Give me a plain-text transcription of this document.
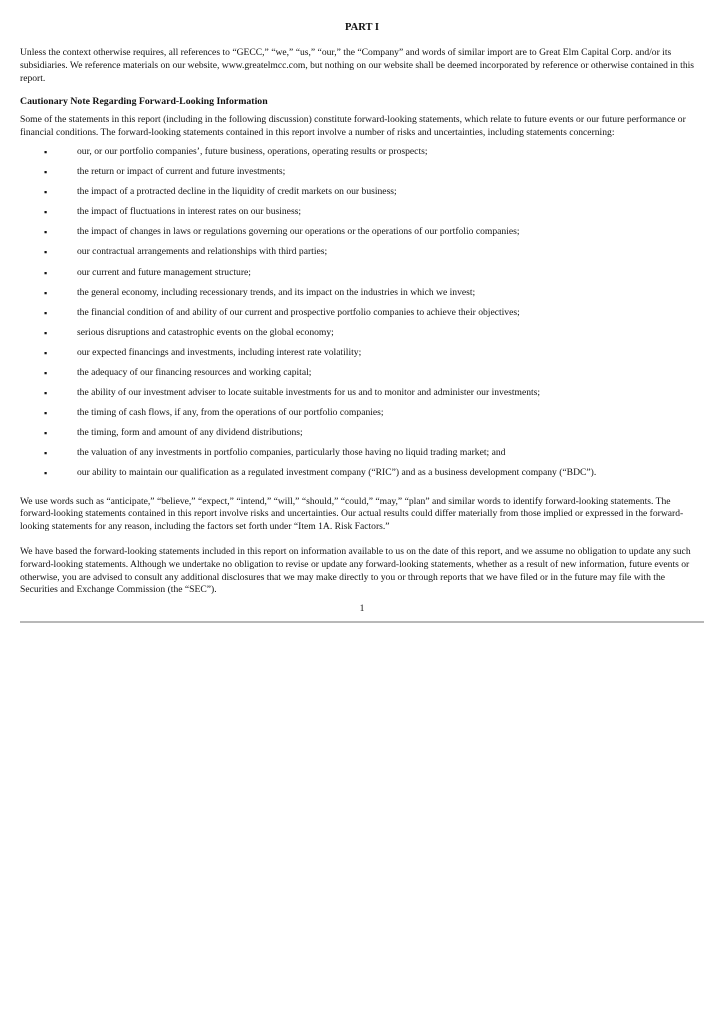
PART I

Unless the context otherwise requires, all references to “GECC,” “we,” “us,” “our,” the “Company” and words of similar import are to Great Elm Capital Corp. and/or its subsidiaries. We reference materials on our website, www.greatelmcc.com, but nothing on our website shall be deemed incorporated by reference or otherwise contained in this report.

Cautionary Note Regarding Forward-Looking Information

Some of the statements in this report (including in the following discussion) constitute forward-looking statements, which relate to future events or our future performance or financial conditions. The forward-looking statements contained in this report involve a number of risks and uncertainties, including statements concerning:

▪	our, or our portfolio companies’, future business, operations, operating results or prospects;
▪	the return or impact of current and future investments;
▪	the impact of a protracted decline in the liquidity of credit markets on our business;
▪	the impact of fluctuations in interest rates on our business;
▪	the impact of changes in laws or regulations governing our operations or the operations of our portfolio companies;
▪	our contractual arrangements and relationships with third parties;
▪	our current and future management structure;
▪	the general economy, including recessionary trends, and its impact on the industries in which we invest;
▪	the financial condition of and ability of our current and prospective portfolio companies to achieve their objectives;
▪	serious disruptions and catastrophic events on the global economy;
▪	our expected financings and investments, including interest rate volatility;
▪	the adequacy of our financing resources and working capital;
▪	the ability of our investment adviser to locate suitable investments for us and to monitor and administer our investments;
▪	the timing of cash flows, if any, from the operations of our portfolio companies;
▪	the timing, form and amount of any dividend distributions;
▪	the valuation of any investments in portfolio companies, particularly those having no liquid trading market; and
▪	our ability to maintain our qualification as a regulated investment company (“RIC”) and as a business development company (“BDC”).

We use words such as “anticipate,” “believe,” “expect,” “intend,” “will,” “should,” “could,” “may,” “plan” and similar words to identify forward-looking statements. The forward-looking statements contained in this report involve risks and uncertainties. Our actual results could differ materially from those implied or expressed in the forward-looking statements for any reason, including the factors set forth under “Item 1A. Risk Factors.”

We have based the forward-looking statements included in this report on information available to us on the date of this report, and we assume no obligation to update any such forward-looking statements. Although we undertake no obligation to revise or update any forward-looking statements, whether as a result of new information, future events or otherwise, you are advised to consult any additional disclosures that we may make directly to you or through reports that we have filed or in the future may file with the Securities and Exchange Commission (the “SEC”).

1
